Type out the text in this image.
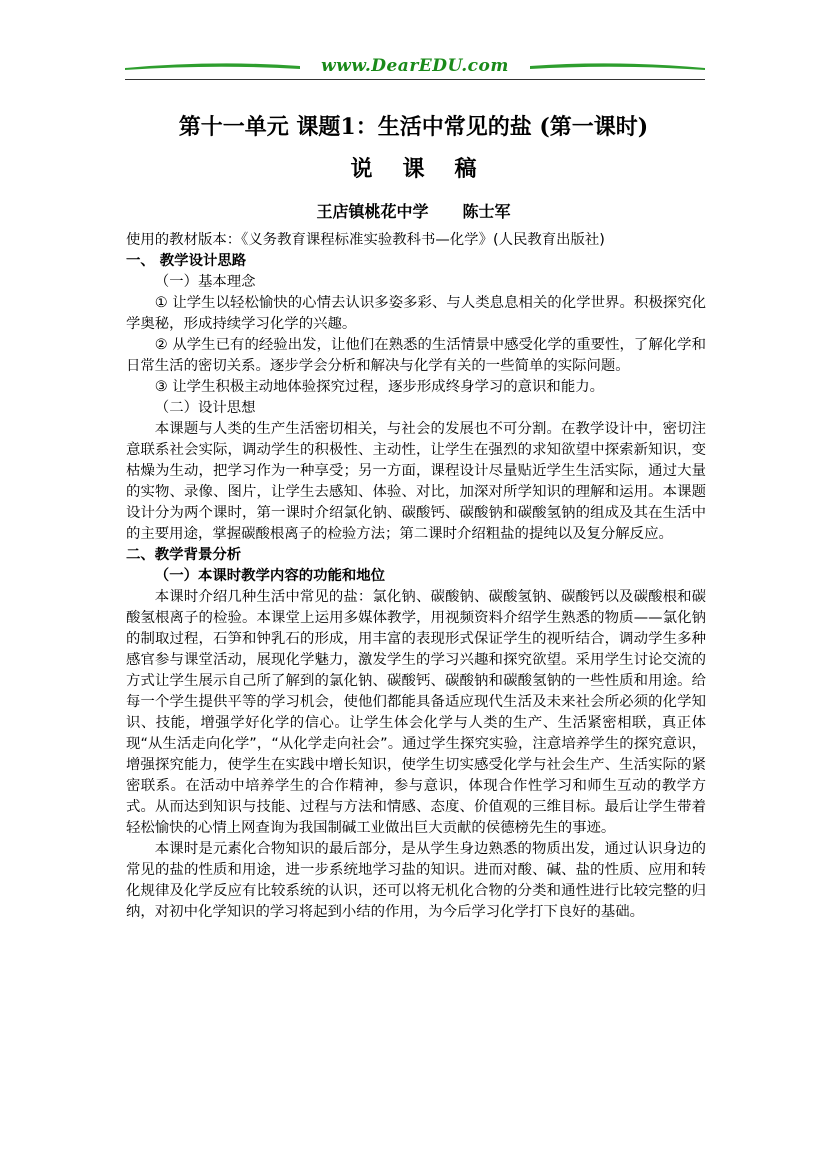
www.DearEDU.com
第十一单元 课题1：生活中常见的盐 (第一课时)
说课稿
王店镇桃花中学 陈士军

使用的教材版本：《义务教育课程标准实验教科书—化学》(人民教育出版社)

一、 教学设计思路

（一）基本理念

① 让学生以轻松愉快的心情去认识多姿多彩、与人类息息相关的化学世界。积极探究化学奥秘，形成持续学习化学的兴趣。

② 从学生已有的经验出发，让他们在熟悉的生活情景中感受化学的重要性，了解化学和日常生活的密切关系。逐步学会分析和解决与化学有关的一些简单的实际问题。

③ 让学生积极主动地体验探究过程，逐步形成终身学习的意识和能力。

（二）设计思想

本课题与人类的生产生活密切相关，与社会的发展也不可分割。在教学设计中，密切注意联系社会实际，调动学生的积极性、主动性，让学生在强烈的求知欲望中探索新知识，变枯燥为生动，把学习作为一种享受；另一方面，课程设计尽量贴近学生生活实际，通过大量的实物、录像、图片，让学生去感知、体验、对比，加深对所学知识的理解和运用。本课题设计分为两个课时，第一课时介绍氯化钠、碳酸钙、碳酸钠和碳酸氢钠的组成及其在生活中的主要用途，掌握碳酸根离子的检验方法；第二课时介绍粗盐的提纯以及复分解反应。

二、教学背景分析

（一）本课时教学内容的功能和地位

本课时介绍几种生活中常见的盐：氯化钠、碳酸钠、碳酸氢钠、碳酸钙以及碳酸根和碳酸氢根离子的检验。本课堂上运用多媒体教学，用视频资料介绍学生熟悉的物质——氯化钠的制取过程，石笋和钟乳石的形成，用丰富的表现形式保证学生的视听结合，调动学生多种感官参与课堂活动，展现化学魅力，激发学生的学习兴趣和探究欲望。采用学生讨论交流的方式让学生展示自己所了解到的氯化钠、碳酸钙、碳酸钠和碳酸氢钠的一些性质和用途。给每一个学生提供平等的学习机会，使他们都能具备适应现代生活及未来社会所必须的化学知识、技能，增强学好化学的信心。让学生体会化学与人类的生产、生活紧密相联，真正体现“从生活走向化学”，“从化学走向社会”。通过学生探究实验，注意培养学生的探究意识，增强探究能力，使学生在实践中增长知识，使学生切实感受化学与社会生产、生活实际的紧密联系。在活动中培养学生的合作精神，参与意识，体现合作性学习和师生互动的教学方式。从而达到知识与技能、过程与方法和情感、态度、价值观的三维目标。最后让学生带着轻松愉快的心情上网查询为我国制碱工业做出巨大贡献的侯德榜先生的事迹。

本课时是元素化合物知识的最后部分，是从学生身边熟悉的物质出发，通过认识身边的常见的盐的性质和用途，进一步系统地学习盐的知识。进而对酸、碱、盐的性质、应用和转化规律及化学反应有比较系统的认识，还可以将无机化合物的分类和通性进行比较完整的归纳，对初中化学知识的学习将起到小结的作用，为今后学习化学打下良好的基础。
